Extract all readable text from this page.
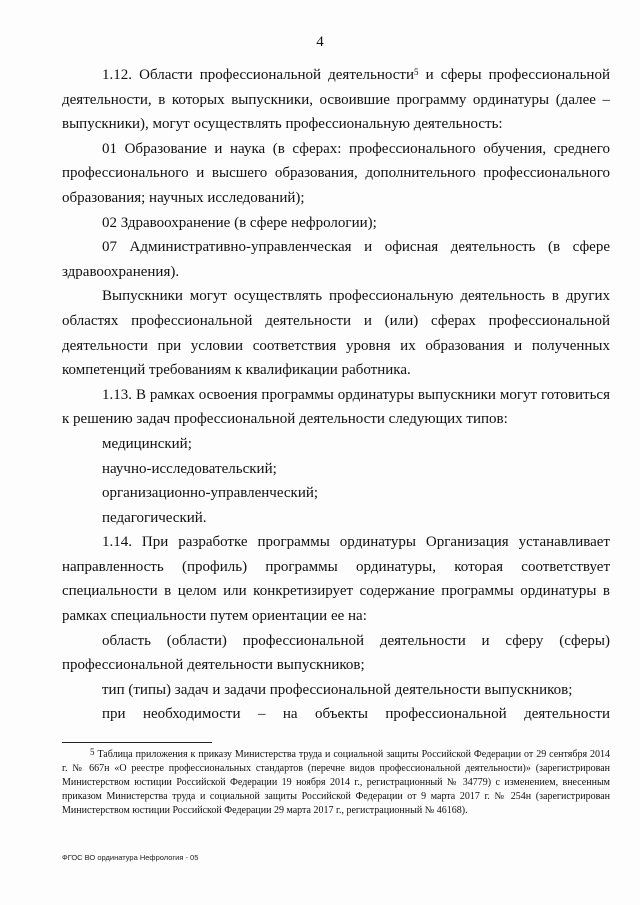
4

1.12. Области профессиональной деятельности$^5$ и сферы профессиональной деятельности, в которых выпускники, освоившие программу ординатуры (далее – выпускники), могут осуществлять профессиональную деятельность:

01 Образование и наука (в сферах: профессионального обучения, среднего профессионального и высшего образования, дополнительного профессионального образования; научных исследований);

02 Здравоохранение (в сфере нефрологии);

07 Административно-управленческая и офисная деятельность (в сфере здравоохранения).

Выпускники могут осуществлять профессиональную деятельность в других областях профессиональной деятельности и (или) сферах профессиональной деятельности при условии соответствия уровня их образования и полученных компетенций требованиям к квалификации работника.

1.13. В рамках освоения программы ординатуры выпускники могут готовиться к решению задач профессиональной деятельности следующих типов:

медицинский;

научно-исследовательский;

организационно-управленческий;

педагогический.

1.14. При разработке программы ординатуры Организация устанавливает направленность (профиль) программы ординатуры, которая соответствует специальности в целом или конкретизирует содержание программы ординатуры в рамках специальности путем ориентации ее на:

область (области) профессиональной деятельности и сферу (сферы) профессиональной деятельности выпускников;

тип (типы) задач и задачи профессиональной деятельности выпускников;

при необходимости – на объекты профессиональной деятельности

$^5$ Таблица приложения к приказу Министерства труда и социальной защиты Российской Федерации от 29 сентября 2014 г. № 667н «О реестре профессиональных стандартов (перечне видов профессиональной деятельности)» (зарегистрирован Министерством юстиции Российской Федерации 19 ноября 2014 г., регистрационный № 34779) с изменением, внесенным приказом Министерства труда и социальной защиты Российской Федерации от 9 марта 2017 г. № 254н (зарегистрирован Министерством юстиции Российской Федерации 29 марта 2017 г., регистрационный № 46168).
ФГОС ВО ординатура Нефрология - 05
